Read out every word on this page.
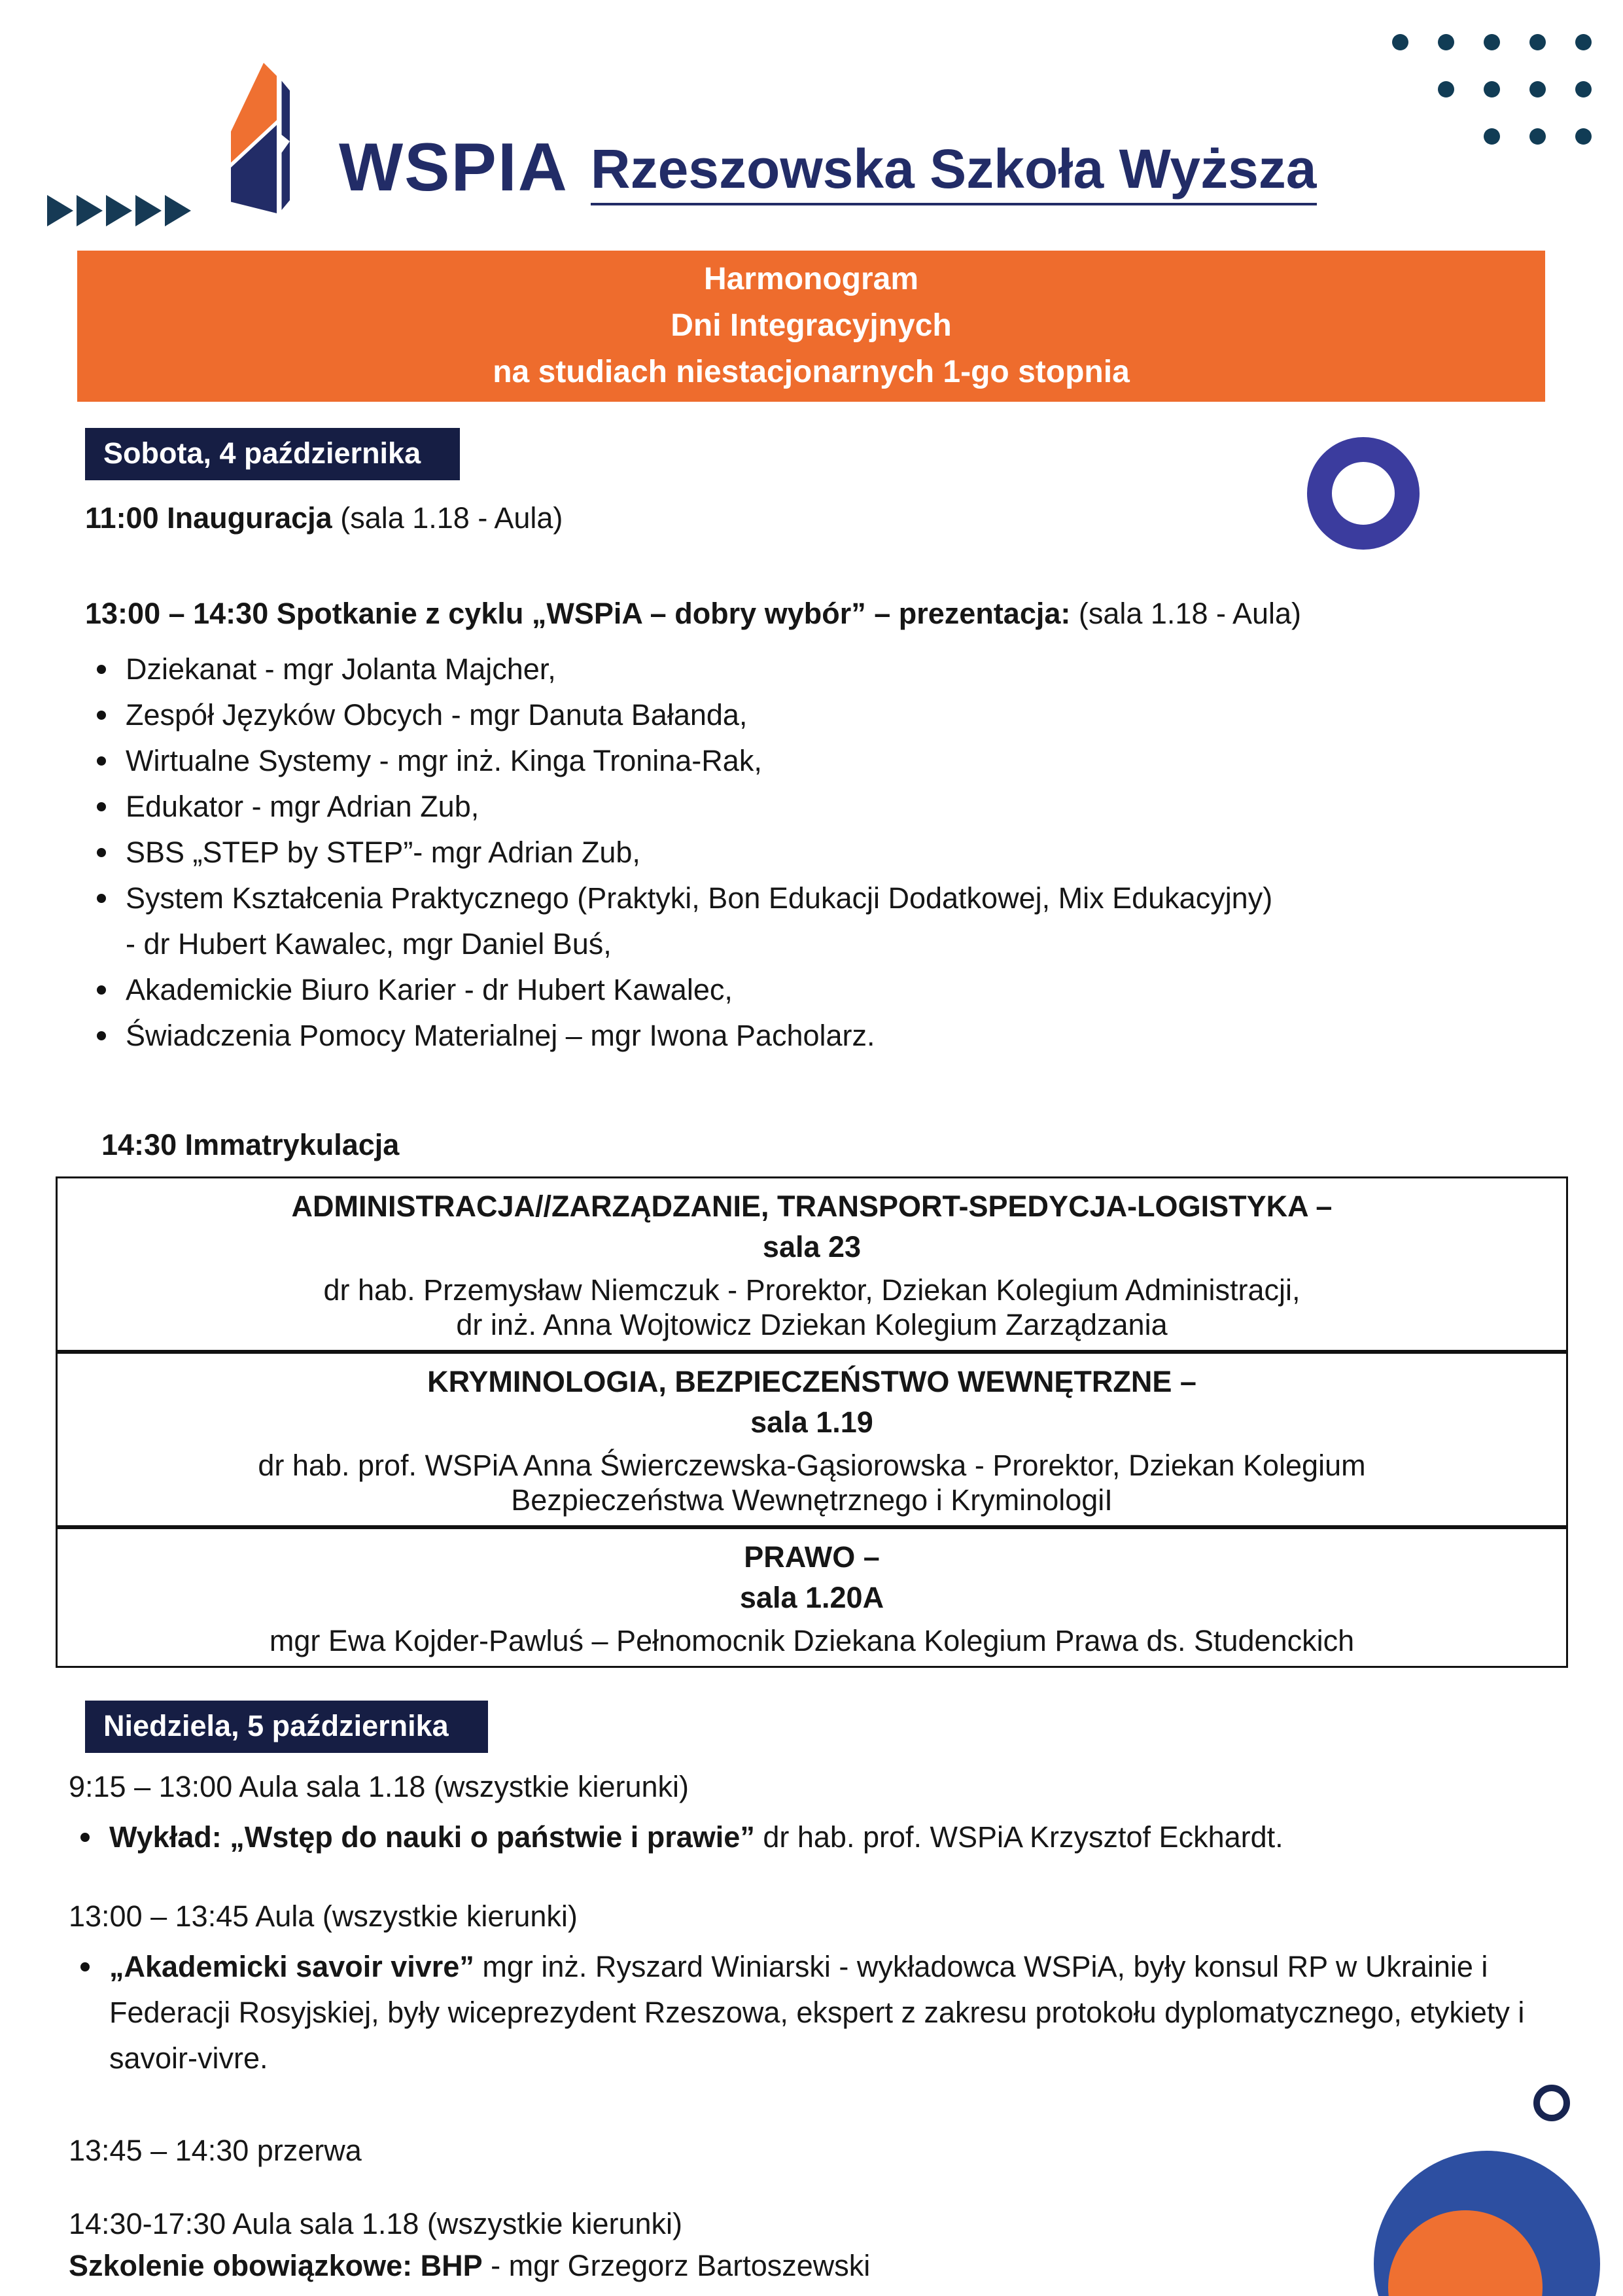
WSPIA Rzeszowska Szkoła Wyższa
Harmonogram
Dni Integracyjnych
na studiach niestacjonarnych 1-go stopnia
Sobota, 4 października
11:00 Inauguracja (sala 1.18 - Aula)
13:00 – 14:30 Spotkanie z cyklu „WSPiA – dobry wybór” – prezentacja: (sala 1.18 - Aula)
Dziekanat - mgr Jolanta Majcher,
Zespół Języków Obcych - mgr Danuta Bałanda,
Wirtualne Systemy - mgr inż. Kinga Tronina-Rak,
Edukator - mgr Adrian Zub,
SBS „STEP by STEP”- mgr Adrian Zub,
System Kształcenia Praktycznego (Praktyki, Bon Edukacji Dodatkowej, Mix Edukacyjny) - dr Hubert Kawalec, mgr Daniel Buś,
Akademickie Biuro Karier - dr Hubert Kawalec,
Świadczenia Pomocy Materialnej – mgr Iwona Pacholarz.
14:30 Immatrykulacja
ADMINISTRACJA//ZARZĄDZANIE, TRANSPORT-SPEDYCJA-LOGISTYKA –
sala 23
dr hab. Przemysław Niemczuk - Prorektor, Dziekan Kolegium Administracji,
dr inż. Anna Wojtowicz Dziekan Kolegium Zarządzania
KRYMINOLOGIA, BEZPIECZEŃSTWO WEWNĘTRZNE –
sala 1.19
dr hab. prof. WSPiA Anna Świerczewska-Gąsiorowska - Prorektor, Dziekan Kolegium
Bezpieczeństwa Wewnętrznego i KryminologiI
PRAWO –
sala 1.20A
mgr Ewa Kojder-Pawluś – Pełnomocnik Dziekana Kolegium Prawa ds. Studenckich
Niedziela, 5 października
9:15 – 13:00 Aula sala 1.18 (wszystkie kierunki)
Wykład: „Wstęp do nauki o państwie i prawie” dr hab. prof. WSPiA Krzysztof Eckhardt.
13:00 – 13:45 Aula (wszystkie kierunki)
„Akademicki savoir vivre” mgr inż. Ryszard Winiarski - wykładowca WSPiA, były konsul RP w Ukrainie i Federacji Rosyjskiej, były wiceprezydent Rzeszowa, ekspert z zakresu protokołu dyplomatycznego, etykiety i savoir-vivre.
13:45 – 14:30 przerwa
14:30-17:30 Aula sala 1.18 (wszystkie kierunki)
Szkolenie obowiązkowe: BHP - mgr Grzegorz Bartoszewski
